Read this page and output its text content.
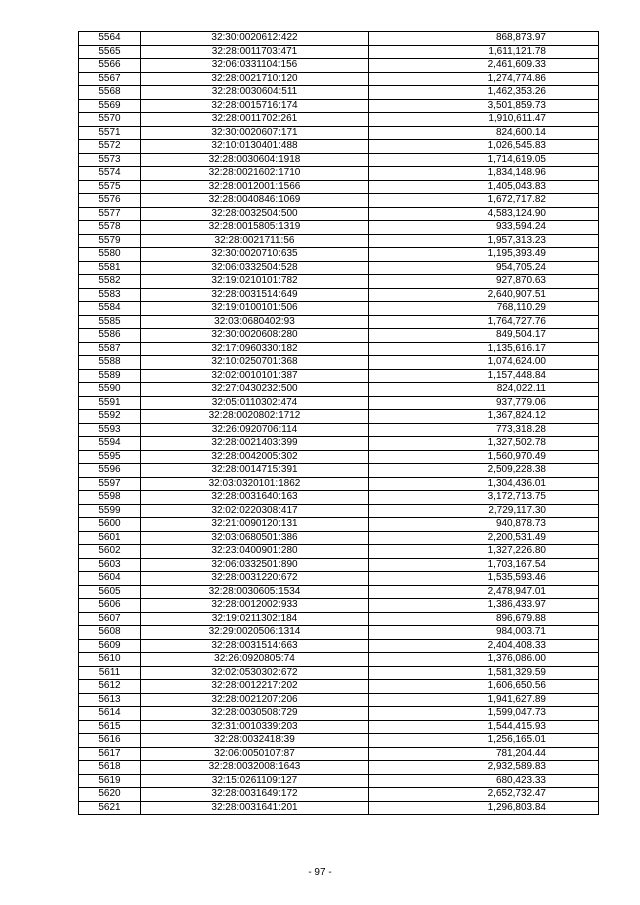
5564	32:30:0020612:422	868,873.97
5565	32:28:0011703:471	1,611,121.78
5566	32:06:0331104:156	2,461,609.33
5567	32:28:0021710:120	1,274,774.86
5568	32:28:0030604:511	1,462,353.26
5569	32:28:0015716:174	3,501,859.73
5570	32:28:0011702:261	1,910,611.47
5571	32:30:0020607:171	824,600.14
5572	32:10:0130401:488	1,026,545.83
5573	32:28:0030604:1918	1,714,619.05
5574	32:28:0021602:1710	1,834,148.96
5575	32:28:0012001:1566	1,405,043.83
5576	32:28:0040846:1069	1,672,717.82
5577	32:28:0032504:500	4,583,124.90
5578	32:28:0015805:1319	933,594.24
5579	32:28:0021711:56	1,957,313.23
5580	32:30:0020710:635	1,195,393.49
5581	32:06:0332504:528	954,705.24
5582	32:19:0210101:782	927,870.63
5583	32:28:0031514:649	2,640,907.51
5584	32:19:0100101:506	768,110.29
5585	32:03:0680402:93	1,764,727.76
5586	32:30:0020608:280	849,504.17
5587	32:17:0960330:182	1,135,616.17
5588	32:10:0250701:368	1,074,624.00
5589	32:02:0010101:387	1,157,448.84
5590	32:27:0430232:500	824,022.11
5591	32:05:0110302:474	937,779.06
5592	32:28:0020802:1712	1,367,824.12
5593	32:26:0920706:114	773,318.28
5594	32:28:0021403:399	1,327,502.78
5595	32:28:0042005:302	1,560,970.49
5596	32:28:0014715:391	2,509,228.38
5597	32:03:0320101:1862	1,304,436.01
5598	32:28:0031640:163	3,172,713.75
5599	32:02:0220308:417	2,729,117.30
5600	32:21:0090120:131	940,878.73
5601	32:03:0680501:386	2,200,531.49
5602	32:23:0400901:280	1,327,226.80
5603	32:06:0332501:890	1,703,167.54
5604	32:28:0031220:672	1,535,593.46
5605	32:28:0030605:1534	2,478,947.01
5606	32:28:0012002:933	1,386,433.97
5607	32:19:0211302:184	896,679.88
5608	32:29:0020506:1314	984,003.71
5609	32:28:0031514:663	2,404,408.33
5610	32:26:0920805:74	1,376,086.00
5611	32:02:0530302:672	1,581,329.59
5612	32:28:0012217:202	1,606,650.56
5613	32:28:0021207:206	1,941,627.89
5614	32:28:0030508:729	1,599,047.73
5615	32:31:0010339:203	1,544,415.93
5616	32:28:0032418:39	1,256,165.01
5617	32:06:0050107:87	781,204.44
5618	32:28:0032008:1643	2,932,589.83
5619	32:15:0261109:127	680,423.33
5620	32:28:0031649:172	2,652,732.47
5621	32:28:0031641:201	1,296,803.84
- 97 -
